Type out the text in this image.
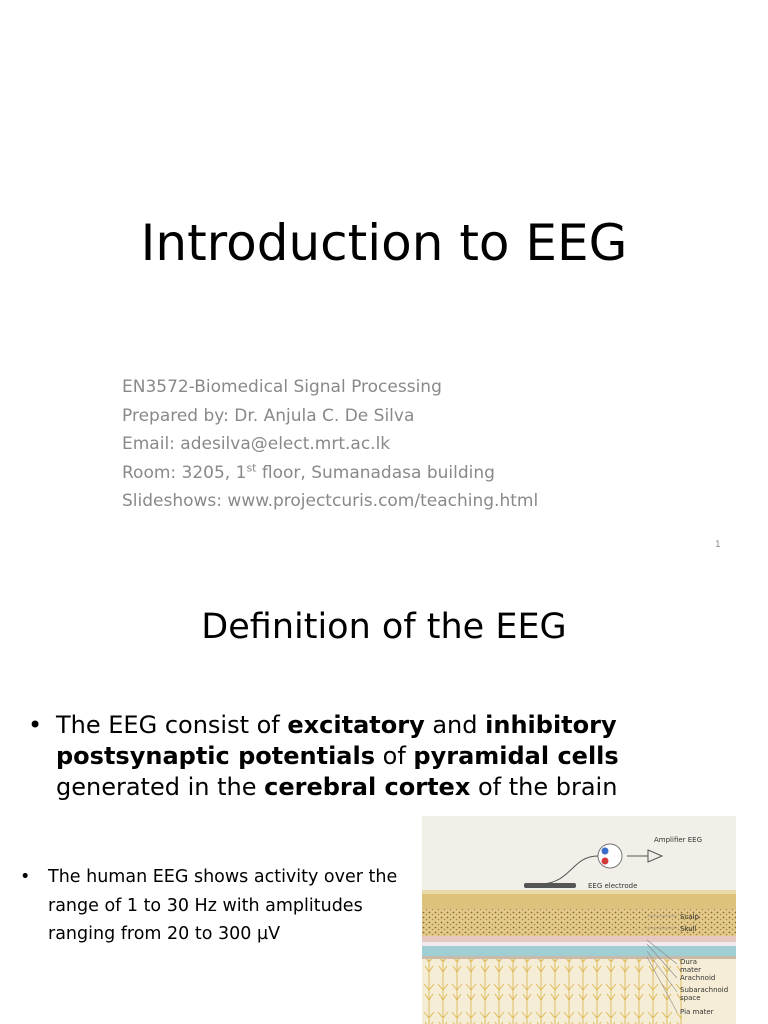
Introduction to EEG
EN3572-Biomedical Signal Processing
Prepared by: Dr. Anjula C. De Silva
Email: adesilva@elect.mrt.ac.lk
Room: 3205, 1st floor, Sumanadasa building
Slideshows: www.projectcuris.com/teaching.html
1
Definition of the EEG
• The EEG consist of excitatory and inhibitory postsynaptic potentials of pyramidal cells generated in the cerebral cortex of the brain
• The human EEG shows activity over the range of 1 to 30 Hz with amplitudes ranging from 20 to 300 µV
Amplifier EEG
EEG electrode
Scalp
Skull
Dura
mater
Arachnoid
Subarachnoid
space
Pia mater
